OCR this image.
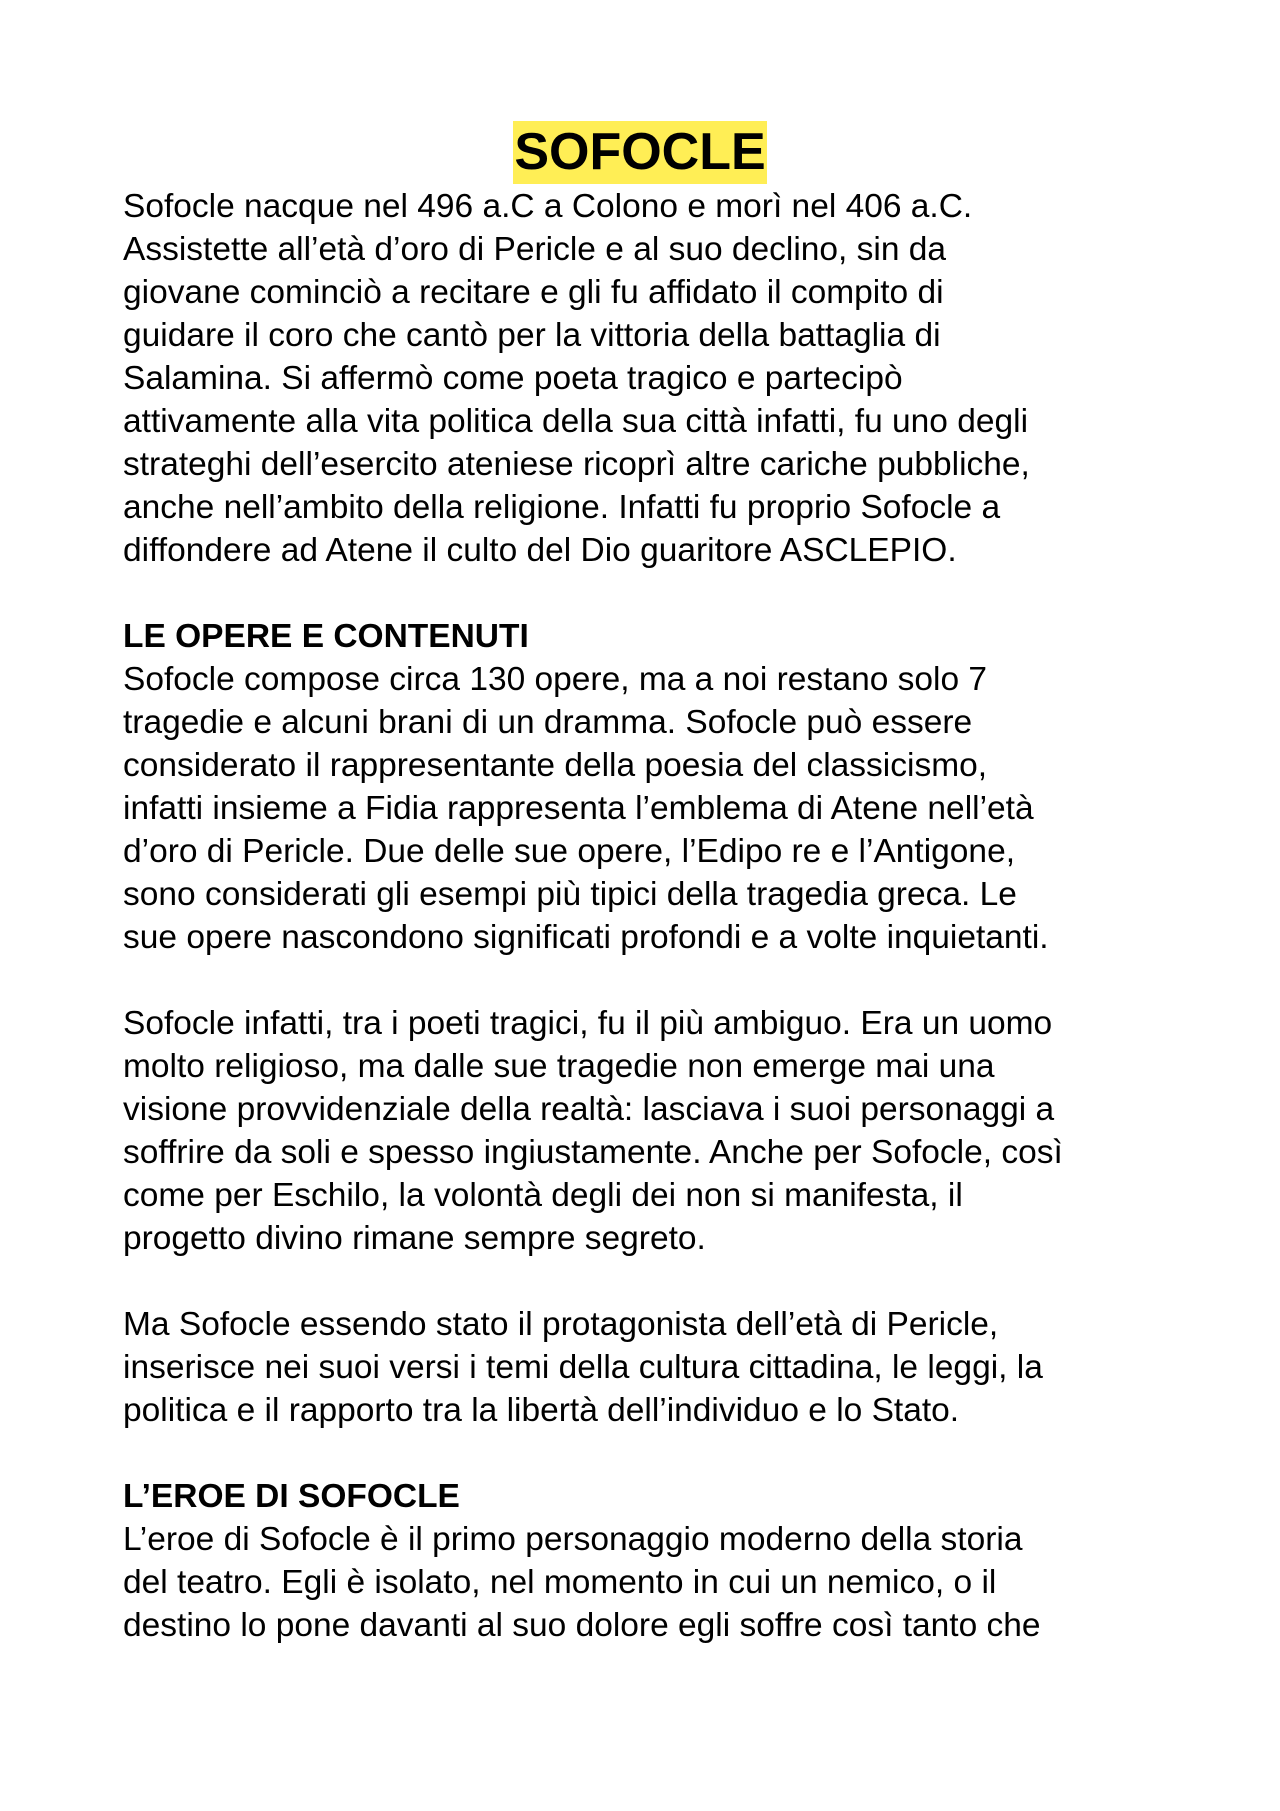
SOFOCLE
Sofocle nacque nel 496 a.C a Colono e morì nel 406 a.C.
Assistette all’età d’oro di Pericle e al suo declino, sin da
giovane cominciò a recitare e gli fu affidato il compito di
guidare il coro che cantò per la vittoria della battaglia di
Salamina. Si affermò come poeta tragico e partecipò
attivamente alla vita politica della sua città infatti, fu uno degli
strateghi dell’esercito ateniese ricoprì altre cariche pubbliche,
anche nell’ambito della religione. Infatti fu proprio Sofocle a
diffondere ad Atene il culto del Dio guaritore ASCLEPIO.
LE OPERE E CONTENUTI
Sofocle compose circa 130 opere, ma a noi restano solo 7
tragedie e alcuni brani di un dramma. Sofocle può essere
considerato il rappresentante della poesia del classicismo,
infatti insieme a Fidia rappresenta l’emblema di Atene nell’età
d’oro di Pericle. Due delle sue opere, l’Edipo re e l’Antigone,
sono considerati gli esempi più tipici della tragedia greca. Le
sue opere nascondono significati profondi e a volte inquietanti.
Sofocle infatti, tra i poeti tragici, fu il più ambiguo. Era un uomo
molto religioso, ma dalle sue tragedie non emerge mai una
visione provvidenziale della realtà: lasciava i suoi personaggi a
soffrire da soli e spesso ingiustamente. Anche per Sofocle, così
come per Eschilo, la volontà degli dei non si manifesta, il
progetto divino rimane sempre segreto.
Ma Sofocle essendo stato il protagonista dell’età di Pericle,
inserisce nei suoi versi i temi della cultura cittadina, le leggi, la
politica e il rapporto tra la libertà dell’individuo e lo Stato.
L’EROE DI SOFOCLE
L’eroe di Sofocle è il primo personaggio moderno della storia
del teatro. Egli è isolato, nel momento in cui un nemico, o il
destino lo pone davanti al suo dolore egli soffre così tanto che
